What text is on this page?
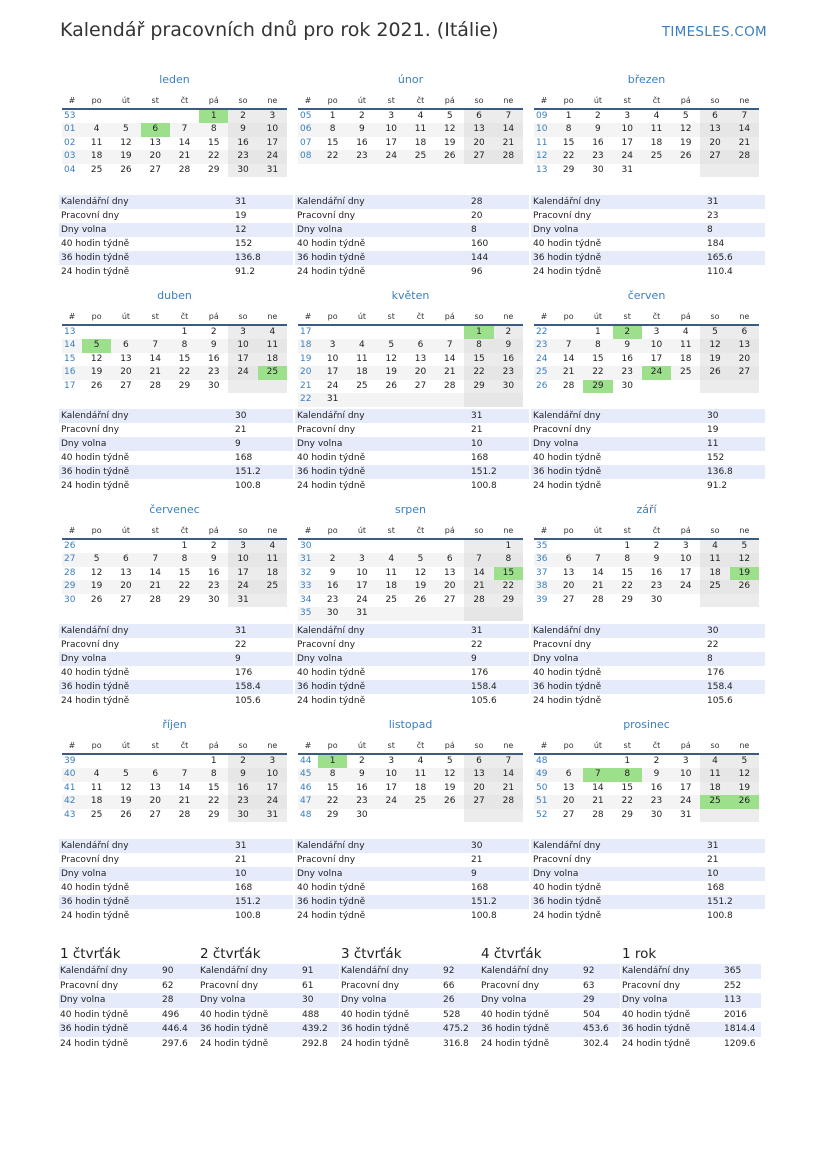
Kalendář pracovních dnů pro rok 2021. (Itálie)	TIMESLES.COM
leden
#	po	út	st	čt	pá	so	ne
53					1	2	3
01	4	5	6	7	8	9	10
02	11	12	13	14	15	16	17
03	18	19	20	21	22	23	24
04	25	26	27	28	29	30	31
Kalendářní dny	31
Pracovní dny	19
Dny volna	12
40 hodin týdně	152
36 hodin týdně	136.8
24 hodin týdně	91.2
únor
#	po	út	st	čt	pá	so	ne
05	1	2	3	4	5	6	7
06	8	9	10	11	12	13	14
07	15	16	17	18	19	20	21
08	22	23	24	25	26	27	28
Kalendářní dny	28
Pracovní dny	20
Dny volna	8
40 hodin týdně	160
36 hodin týdně	144
24 hodin týdně	96
březen
#	po	út	st	čt	pá	so	ne
09	1	2	3	4	5	6	7
10	8	9	10	11	12	13	14
11	15	16	17	18	19	20	21
12	22	23	24	25	26	27	28
13	29	30	31				
Kalendářní dny	31
Pracovní dny	23
Dny volna	8
40 hodin týdně	184
36 hodin týdně	165.6
24 hodin týdně	110.4
duben
#	po	út	st	čt	pá	so	ne
13				1	2	3	4
14	5	6	7	8	9	10	11
15	12	13	14	15	16	17	18
16	19	20	21	22	23	24	25
17	26	27	28	29	30		
Kalendářní dny	30
Pracovní dny	21
Dny volna	9
40 hodin týdně	168
36 hodin týdně	151.2
24 hodin týdně	100.8
květen
#	po	út	st	čt	pá	so	ne
17						1	2
18	3	4	5	6	7	8	9
19	10	11	12	13	14	15	16
20	17	18	19	20	21	22	23
21	24	25	26	27	28	29	30
22	31						
Kalendářní dny	31
Pracovní dny	21
Dny volna	10
40 hodin týdně	168
36 hodin týdně	151.2
24 hodin týdně	100.8
červen
#	po	út	st	čt	pá	so	ne
22		1	2	3	4	5	6
23	7	8	9	10	11	12	13
24	14	15	16	17	18	19	20
25	21	22	23	24	25	26	27
26	28	29	30				
Kalendářní dny	30
Pracovní dny	19
Dny volna	11
40 hodin týdně	152
36 hodin týdně	136.8
24 hodin týdně	91.2
červenec
#	po	út	st	čt	pá	so	ne
26				1	2	3	4
27	5	6	7	8	9	10	11
28	12	13	14	15	16	17	18
29	19	20	21	22	23	24	25
30	26	27	28	29	30	31	
Kalendářní dny	31
Pracovní dny	22
Dny volna	9
40 hodin týdně	176
36 hodin týdně	158.4
24 hodin týdně	105.6
srpen
#	po	út	st	čt	pá	so	ne
30							1
31	2	3	4	5	6	7	8
32	9	10	11	12	13	14	15
33	16	17	18	19	20	21	22
34	23	24	25	26	27	28	29
35	30	31					
Kalendářní dny	31
Pracovní dny	22
Dny volna	9
40 hodin týdně	176
36 hodin týdně	158.4
24 hodin týdně	105.6
září
#	po	út	st	čt	pá	so	ne
35			1	2	3	4	5
36	6	7	8	9	10	11	12
37	13	14	15	16	17	18	19
38	20	21	22	23	24	25	26
39	27	28	29	30			
Kalendářní dny	30
Pracovní dny	22
Dny volna	8
40 hodin týdně	176
36 hodin týdně	158.4
24 hodin týdně	105.6
říjen
#	po	út	st	čt	pá	so	ne
39					1	2	3
40	4	5	6	7	8	9	10
41	11	12	13	14	15	16	17
42	18	19	20	21	22	23	24
43	25	26	27	28	29	30	31
Kalendářní dny	31
Pracovní dny	21
Dny volna	10
40 hodin týdně	168
36 hodin týdně	151.2
24 hodin týdně	100.8
listopad
#	po	út	st	čt	pá	so	ne
44	1	2	3	4	5	6	7
45	8	9	10	11	12	13	14
46	15	16	17	18	19	20	21
47	22	23	24	25	26	27	28
48	29	30					
Kalendářní dny	30
Pracovní dny	21
Dny volna	9
40 hodin týdně	168
36 hodin týdně	151.2
24 hodin týdně	100.8
prosinec
#	po	út	st	čt	pá	so	ne
48			1	2	3	4	5
49	6	7	8	9	10	11	12
50	13	14	15	16	17	18	19
51	20	21	22	23	24	25	26
52	27	28	29	30	31		
Kalendářní dny	31
Pracovní dny	21
Dny volna	10
40 hodin týdně	168
36 hodin týdně	151.2
24 hodin týdně	100.8
1 čtvrťák
Kalendářní dny	90
Pracovní dny	62
Dny volna	28
40 hodin týdně	496
36 hodin týdně	446.4
24 hodin týdně	297.6
2 čtvrťák
Kalendářní dny	91
Pracovní dny	61
Dny volna	30
40 hodin týdně	488
36 hodin týdně	439.2
24 hodin týdně	292.8
3 čtvrťák
Kalendářní dny	92
Pracovní dny	66
Dny volna	26
40 hodin týdně	528
36 hodin týdně	475.2
24 hodin týdně	316.8
4 čtvrťák
Kalendářní dny	92
Pracovní dny	63
Dny volna	29
40 hodin týdně	504
36 hodin týdně	453.6
24 hodin týdně	302.4
1 rok
Kalendářní dny	365
Pracovní dny	252
Dny volna	113
40 hodin týdně	2016
36 hodin týdně	1814.4
24 hodin týdně	1209.6
